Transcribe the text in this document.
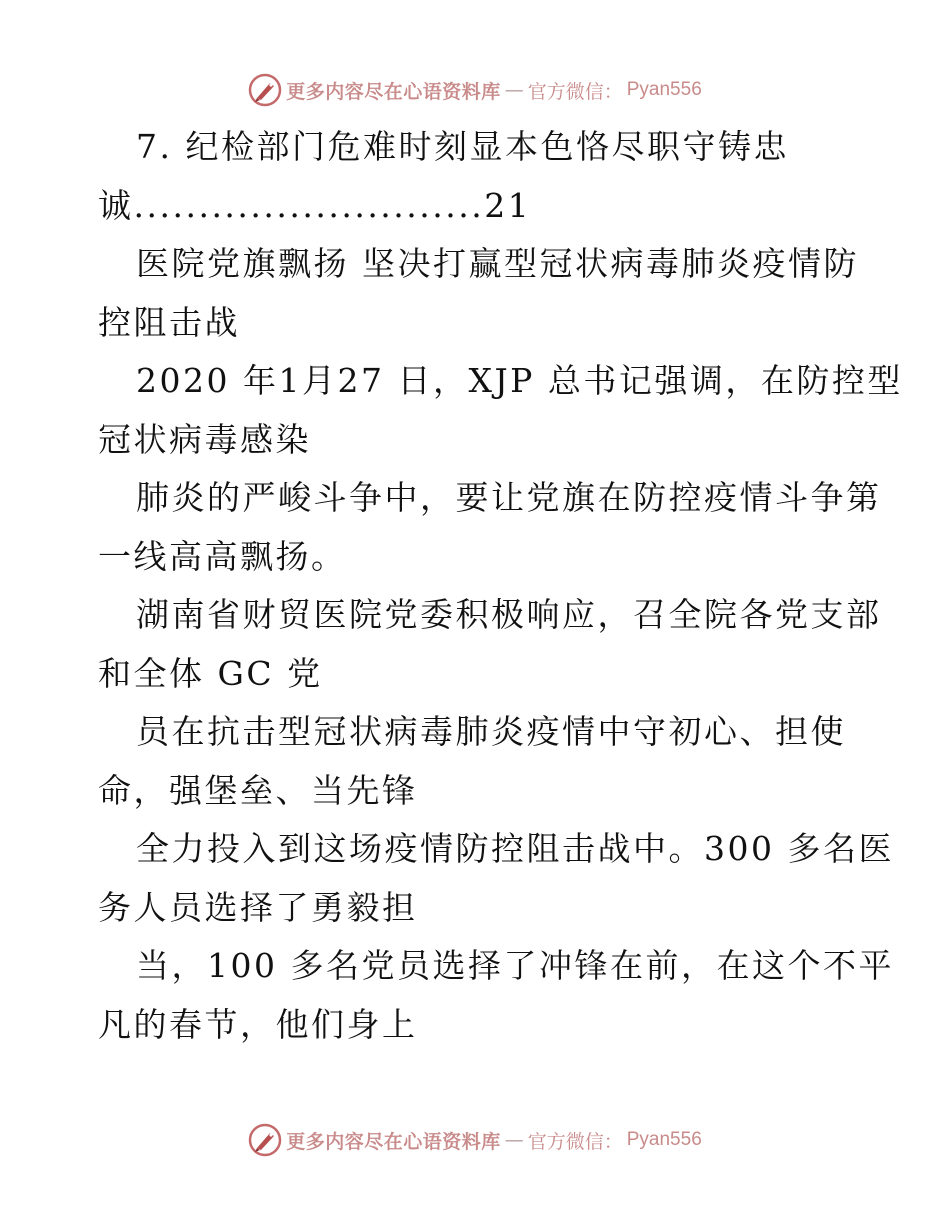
更多内容尽在心语资料库 — 官方微信： Pyan556
7. 纪检部门危难时刻显本色恪尽职守铸忠
诚...........................21
医院党旗飘扬 坚决打赢型冠状病毒肺炎疫情防
控阻击战
2020 年1月27 日，XJP 总书记强调，在防控型
冠状病毒感染
肺炎的严峻斗争中，要让党旗在防控疫情斗争第
一线高高飘扬。
湖南省财贸医院党委积极响应，召全院各党支部
和全体 GC 党
员在抗击型冠状病毒肺炎疫情中守初心、担使
命，强堡垒、当先锋
全力投入到这场疫情防控阻击战中。300 多名医
务人员选择了勇毅担
当，100 多名党员选择了冲锋在前，在这个不平
凡的春节，他们身上
更多内容尽在心语资料库 — 官方微信： Pyan556
